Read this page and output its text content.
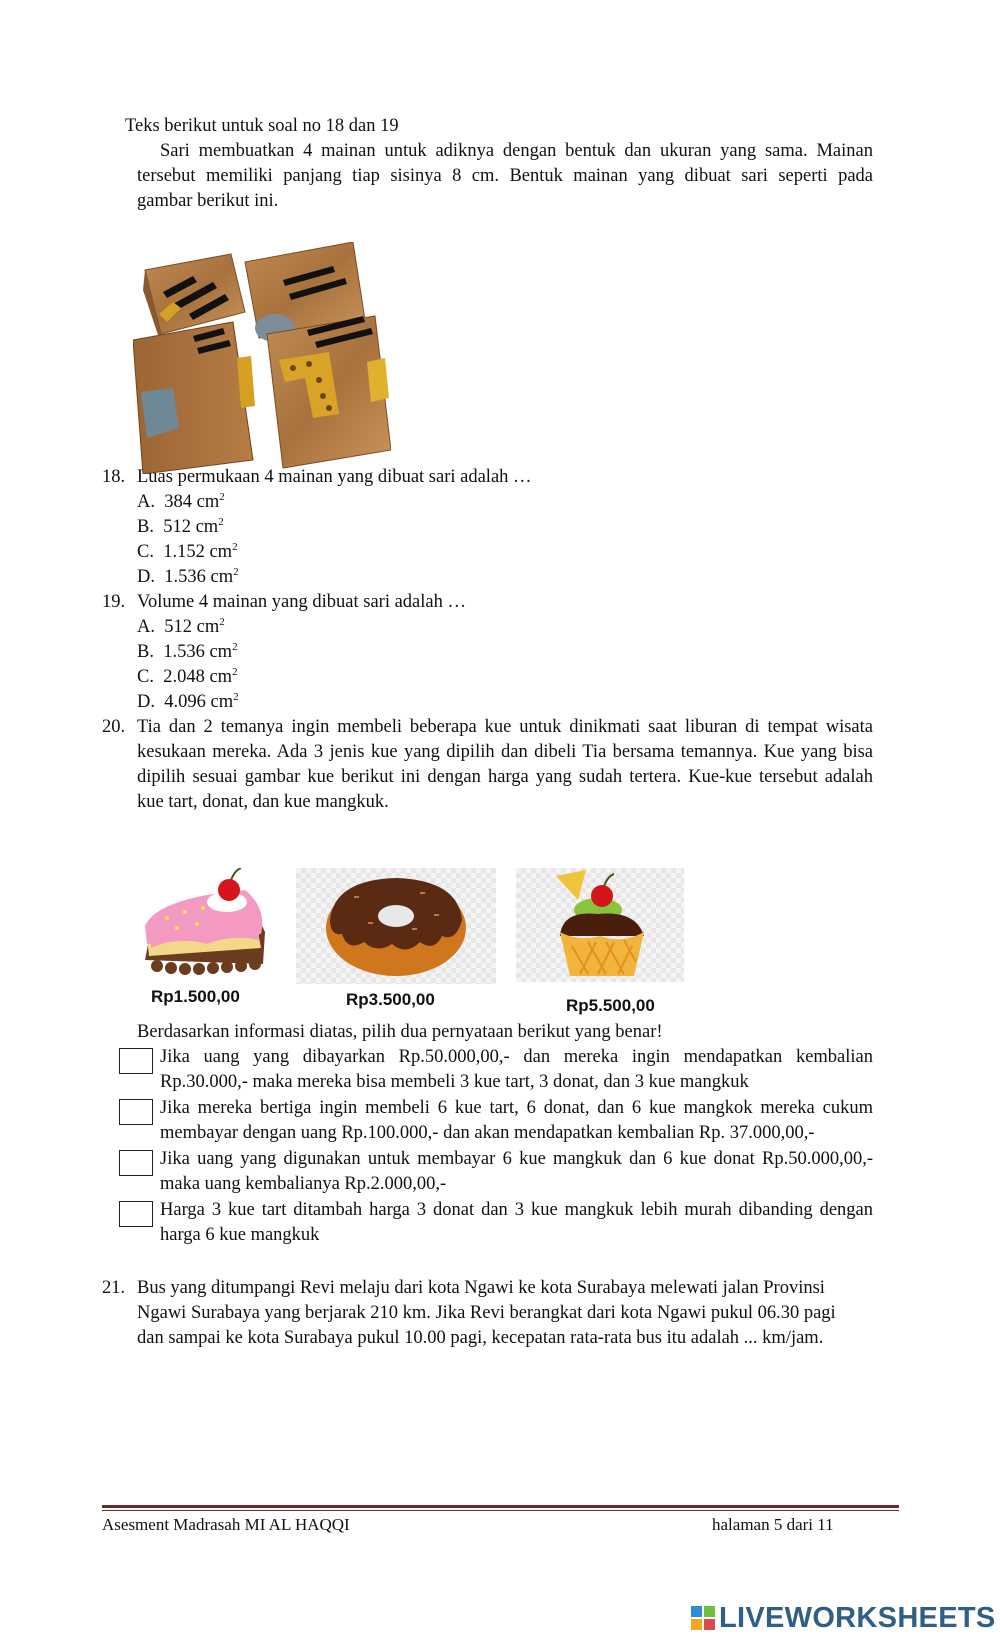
Teks berikut untuk soal no 18 dan 19
Sari membuatkan 4 mainan untuk adiknya dengan bentuk dan ukuran yang sama. Mainan
tersebut memiliki panjang tiap sisinya 8 cm. Bentuk mainan yang dibuat sari seperti pada
gambar berikut ini.
18. Luas permukaan 4 mainan yang dibuat sari adalah …
A. 384 $cm^2$
B. 512 $cm^2$
C. 1.152 $cm^2$
D. 1.536 $cm^2$
19. Volume 4 mainan yang dibuat sari adalah …
A. 512 $cm^2$
B. 1.536 $cm^2$
C. 2.048 $cm^2$
D. 4.096 $cm^2$
20. Tia dan 2 temanya ingin membeli beberapa kue untuk dinikmati saat liburan di tempat wisata
kesukaan mereka. Ada 3 jenis kue yang dipilih dan dibeli Tia bersama temannya. Kue yang bisa
dipilih sesuai gambar kue berikut ini dengan harga yang sudah tertera. Kue-kue tersebut adalah
kue tart, donat, dan kue mangkuk.
Rp1.500,00	Rp3.500,00	Rp5.500,00
Berdasarkan informasi diatas, pilih dua pernyataan berikut yang benar!
Jika uang yang dibayarkan Rp.50.000,00,- dan mereka ingin mendapatkan kembalian
Rp.30.000,- maka mereka bisa membeli 3 kue tart, 3 donat, dan 3 kue mangkuk
Jika mereka bertiga ingin membeli 6 kue tart, 6 donat, dan 6 kue mangkok mereka cukum
membayar dengan uang Rp.100.000,- dan akan mendapatkan kembalian Rp. 37.000,00,-
Jika uang yang digunakan untuk membayar 6 kue mangkuk dan 6 kue donat Rp.50.000,00,-
maka uang kembalianya Rp.2.000,00,-
Harga 3 kue tart ditambah harga 3 donat dan 3 kue mangkuk lebih murah dibanding dengan
harga 6 kue mangkuk
21. Bus yang ditumpangi Revi melaju dari kota Ngawi ke kota Surabaya melewati jalan Provinsi
Ngawi Surabaya yang berjarak 210 km. Jika Revi berangkat dari kota Ngawi pukul 06.30 pagi
dan sampai ke kota Surabaya pukul 10.00 pagi, kecepatan rata-rata bus itu adalah ... km/jam.
Asesment Madrasah MI AL HAQQI	halaman 5 dari 11
LIVEWORKSHEETS
